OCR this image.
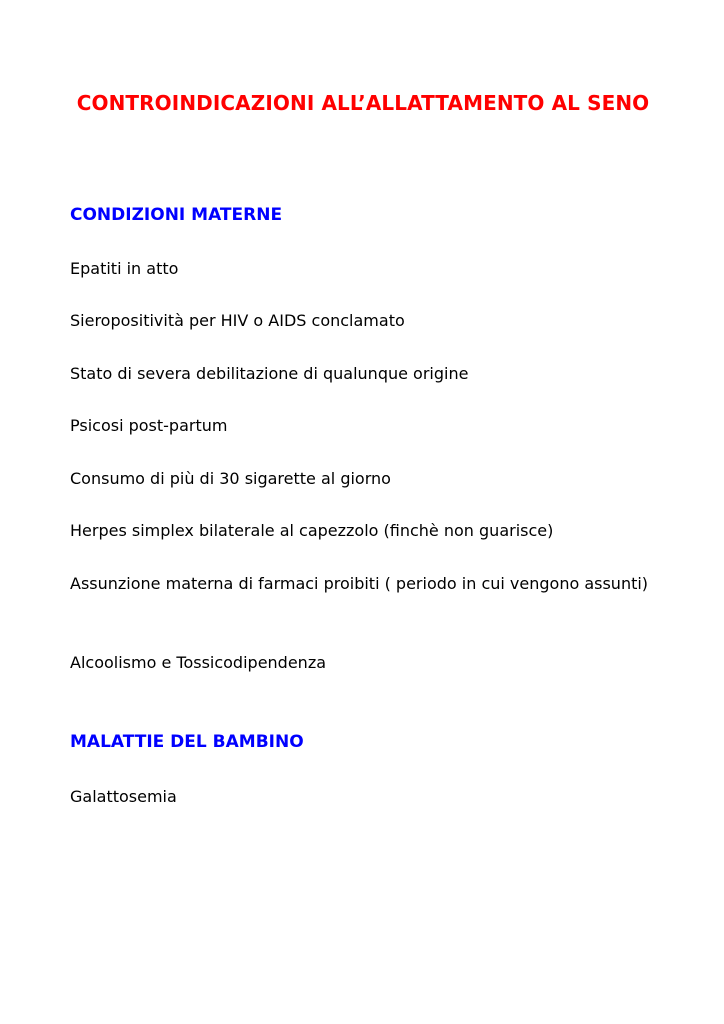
CONTROINDICAZIONI ALL’ALLATTAMENTO AL SENO
CONDIZIONI MATERNE
Epatiti in atto
Sieropositività per HIV o AIDS conclamato
Stato di severa debilitazione di qualunque origine
Psicosi post-partum
Consumo di più di 30 sigarette al giorno
Herpes simplex bilaterale al capezzolo (finchè non guarisce)
Assunzione materna di farmaci proibiti ( periodo in cui vengono assunti)
Alcoolismo e Tossicodipendenza
MALATTIE DEL BAMBINO
Galattosemia
